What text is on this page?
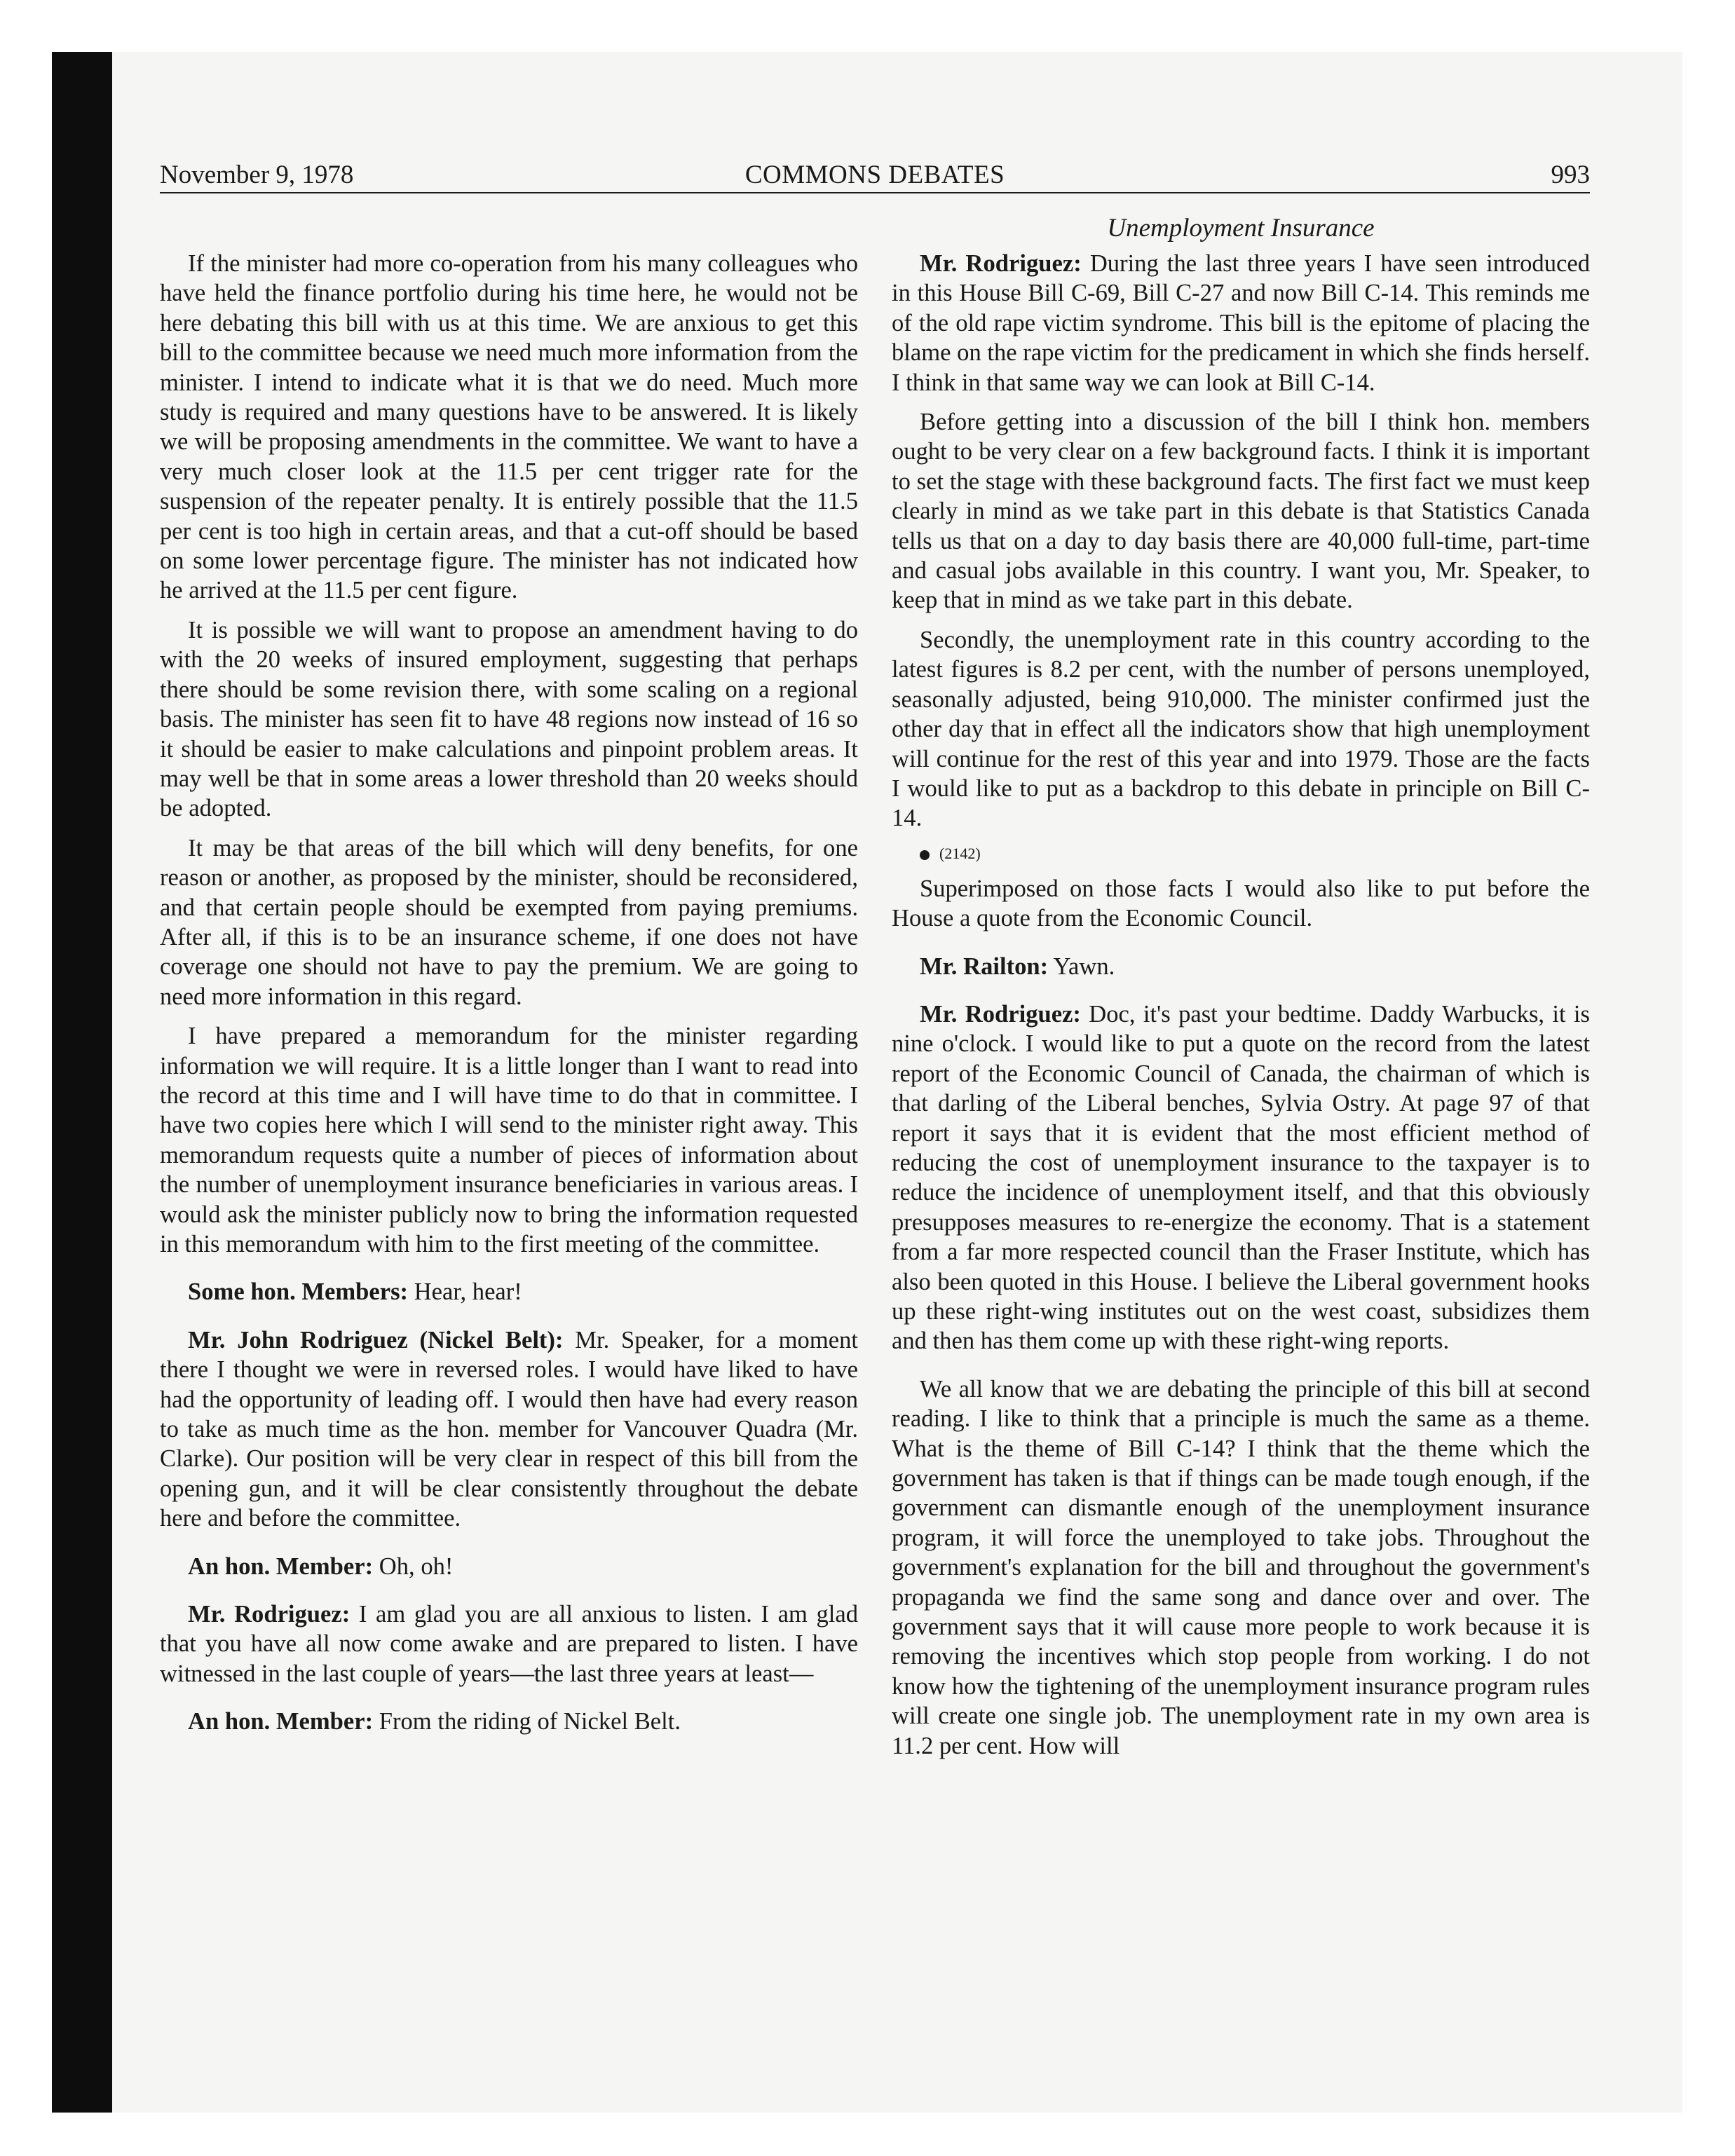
November 9, 1978	COMMONS DEBATES	993
Unemployment Insurance

If the minister had more co-operation from his many colleagues who have held the finance portfolio during his time here, he would not be here debating this bill with us at this time. We are anxious to get this bill to the committee because we need much more information from the minister. I intend to indicate what it is that we do need. Much more study is required and many questions have to be answered. It is likely we will be proposing amendments in the committee. We want to have a very much closer look at the 11.5 per cent trigger rate for the suspension of the repeater penalty. It is entirely possible that the 11.5 per cent is too high in certain areas, and that a cut-off should be based on some lower percentage figure. The minister has not indicated how he arrived at the 11.5 per cent figure.

It is possible we will want to propose an amendment having to do with the 20 weeks of insured employment, suggesting that perhaps there should be some revision there, with some scaling on a regional basis. The minister has seen fit to have 48 regions now instead of 16 so it should be easier to make calculations and pinpoint problem areas. It may well be that in some areas a lower threshold than 20 weeks should be adopted.

It may be that areas of the bill which will deny benefits, for one reason or another, as proposed by the minister, should be reconsidered, and that certain people should be exempted from paying premiums. After all, if this is to be an insurance scheme, if one does not have coverage one should not have to pay the premium. We are going to need more information in this regard.

I have prepared a memorandum for the minister regarding information we will require. It is a little longer than I want to read into the record at this time and I will have time to do that in committee. I have two copies here which I will send to the minister right away. This memorandum requests quite a number of pieces of information about the number of unemployment insurance beneficiaries in various areas. I would ask the minister publicly now to bring the information requested in this memorandum with him to the first meeting of the committee.

Some hon. Members: Hear, hear!

Mr. John Rodriguez (Nickel Belt): Mr. Speaker, for a moment there I thought we were in reversed roles. I would have liked to have had the opportunity of leading off. I would then have had every reason to take as much time as the hon. member for Vancouver Quadra (Mr. Clarke). Our position will be very clear in respect of this bill from the opening gun, and it will be clear consistently throughout the debate here and before the committee.

An hon. Member: Oh, oh!

Mr. Rodriguez: I am glad you are all anxious to listen. I am glad that you have all now come awake and are prepared to listen. I have witnessed in the last couple of years—the last three years at least—

An hon. Member: From the riding of Nickel Belt.

Mr. Rodriguez: During the last three years I have seen introduced in this House Bill C-69, Bill C-27 and now Bill C-14. This reminds me of the old rape victim syndrome. This bill is the epitome of placing the blame on the rape victim for the predicament in which she finds herself. I think in that same way we can look at Bill C-14.

Before getting into a discussion of the bill I think hon. members ought to be very clear on a few background facts. I think it is important to set the stage with these background facts. The first fact we must keep clearly in mind as we take part in this debate is that Statistics Canada tells us that on a day to day basis there are 40,000 full-time, part-time and casual jobs available in this country. I want you, Mr. Speaker, to keep that in mind as we take part in this debate.

Secondly, the unemployment rate in this country according to the latest figures is 8.2 per cent, with the number of persons unemployed, seasonally adjusted, being 910,000. The minister confirmed just the other day that in effect all the indicators show that high unemployment will continue for the rest of this year and into 1979. Those are the facts I would like to put as a backdrop to this debate in principle on Bill C-14.

(2142)

Superimposed on those facts I would also like to put before the House a quote from the Economic Council.

Mr. Railton: Yawn.

Mr. Rodriguez: Doc, it's past your bedtime. Daddy Warbucks, it is nine o'clock. I would like to put a quote on the record from the latest report of the Economic Council of Canada, the chairman of which is that darling of the Liberal benches, Sylvia Ostry. At page 97 of that report it says that it is evident that the most efficient method of reducing the cost of unemployment insurance to the taxpayer is to reduce the incidence of unemployment itself, and that this obviously presupposes measures to re-energize the economy. That is a statement from a far more respected council than the Fraser Institute, which has also been quoted in this House. I believe the Liberal government hooks up these right-wing institutes out on the west coast, subsidizes them and then has them come up with these right-wing reports.

We all know that we are debating the principle of this bill at second reading. I like to think that a principle is much the same as a theme. What is the theme of Bill C-14? I think that the theme which the government has taken is that if things can be made tough enough, if the government can dismantle enough of the unemployment insurance program, it will force the unemployed to take jobs. Throughout the government's explanation for the bill and throughout the government's propaganda we find the same song and dance over and over. The government says that it will cause more people to work because it is removing the incentives which stop people from working. I do not know how the tightening of the unemployment insurance program rules will create one single job. The unemployment rate in my own area is 11.2 per cent. How will
